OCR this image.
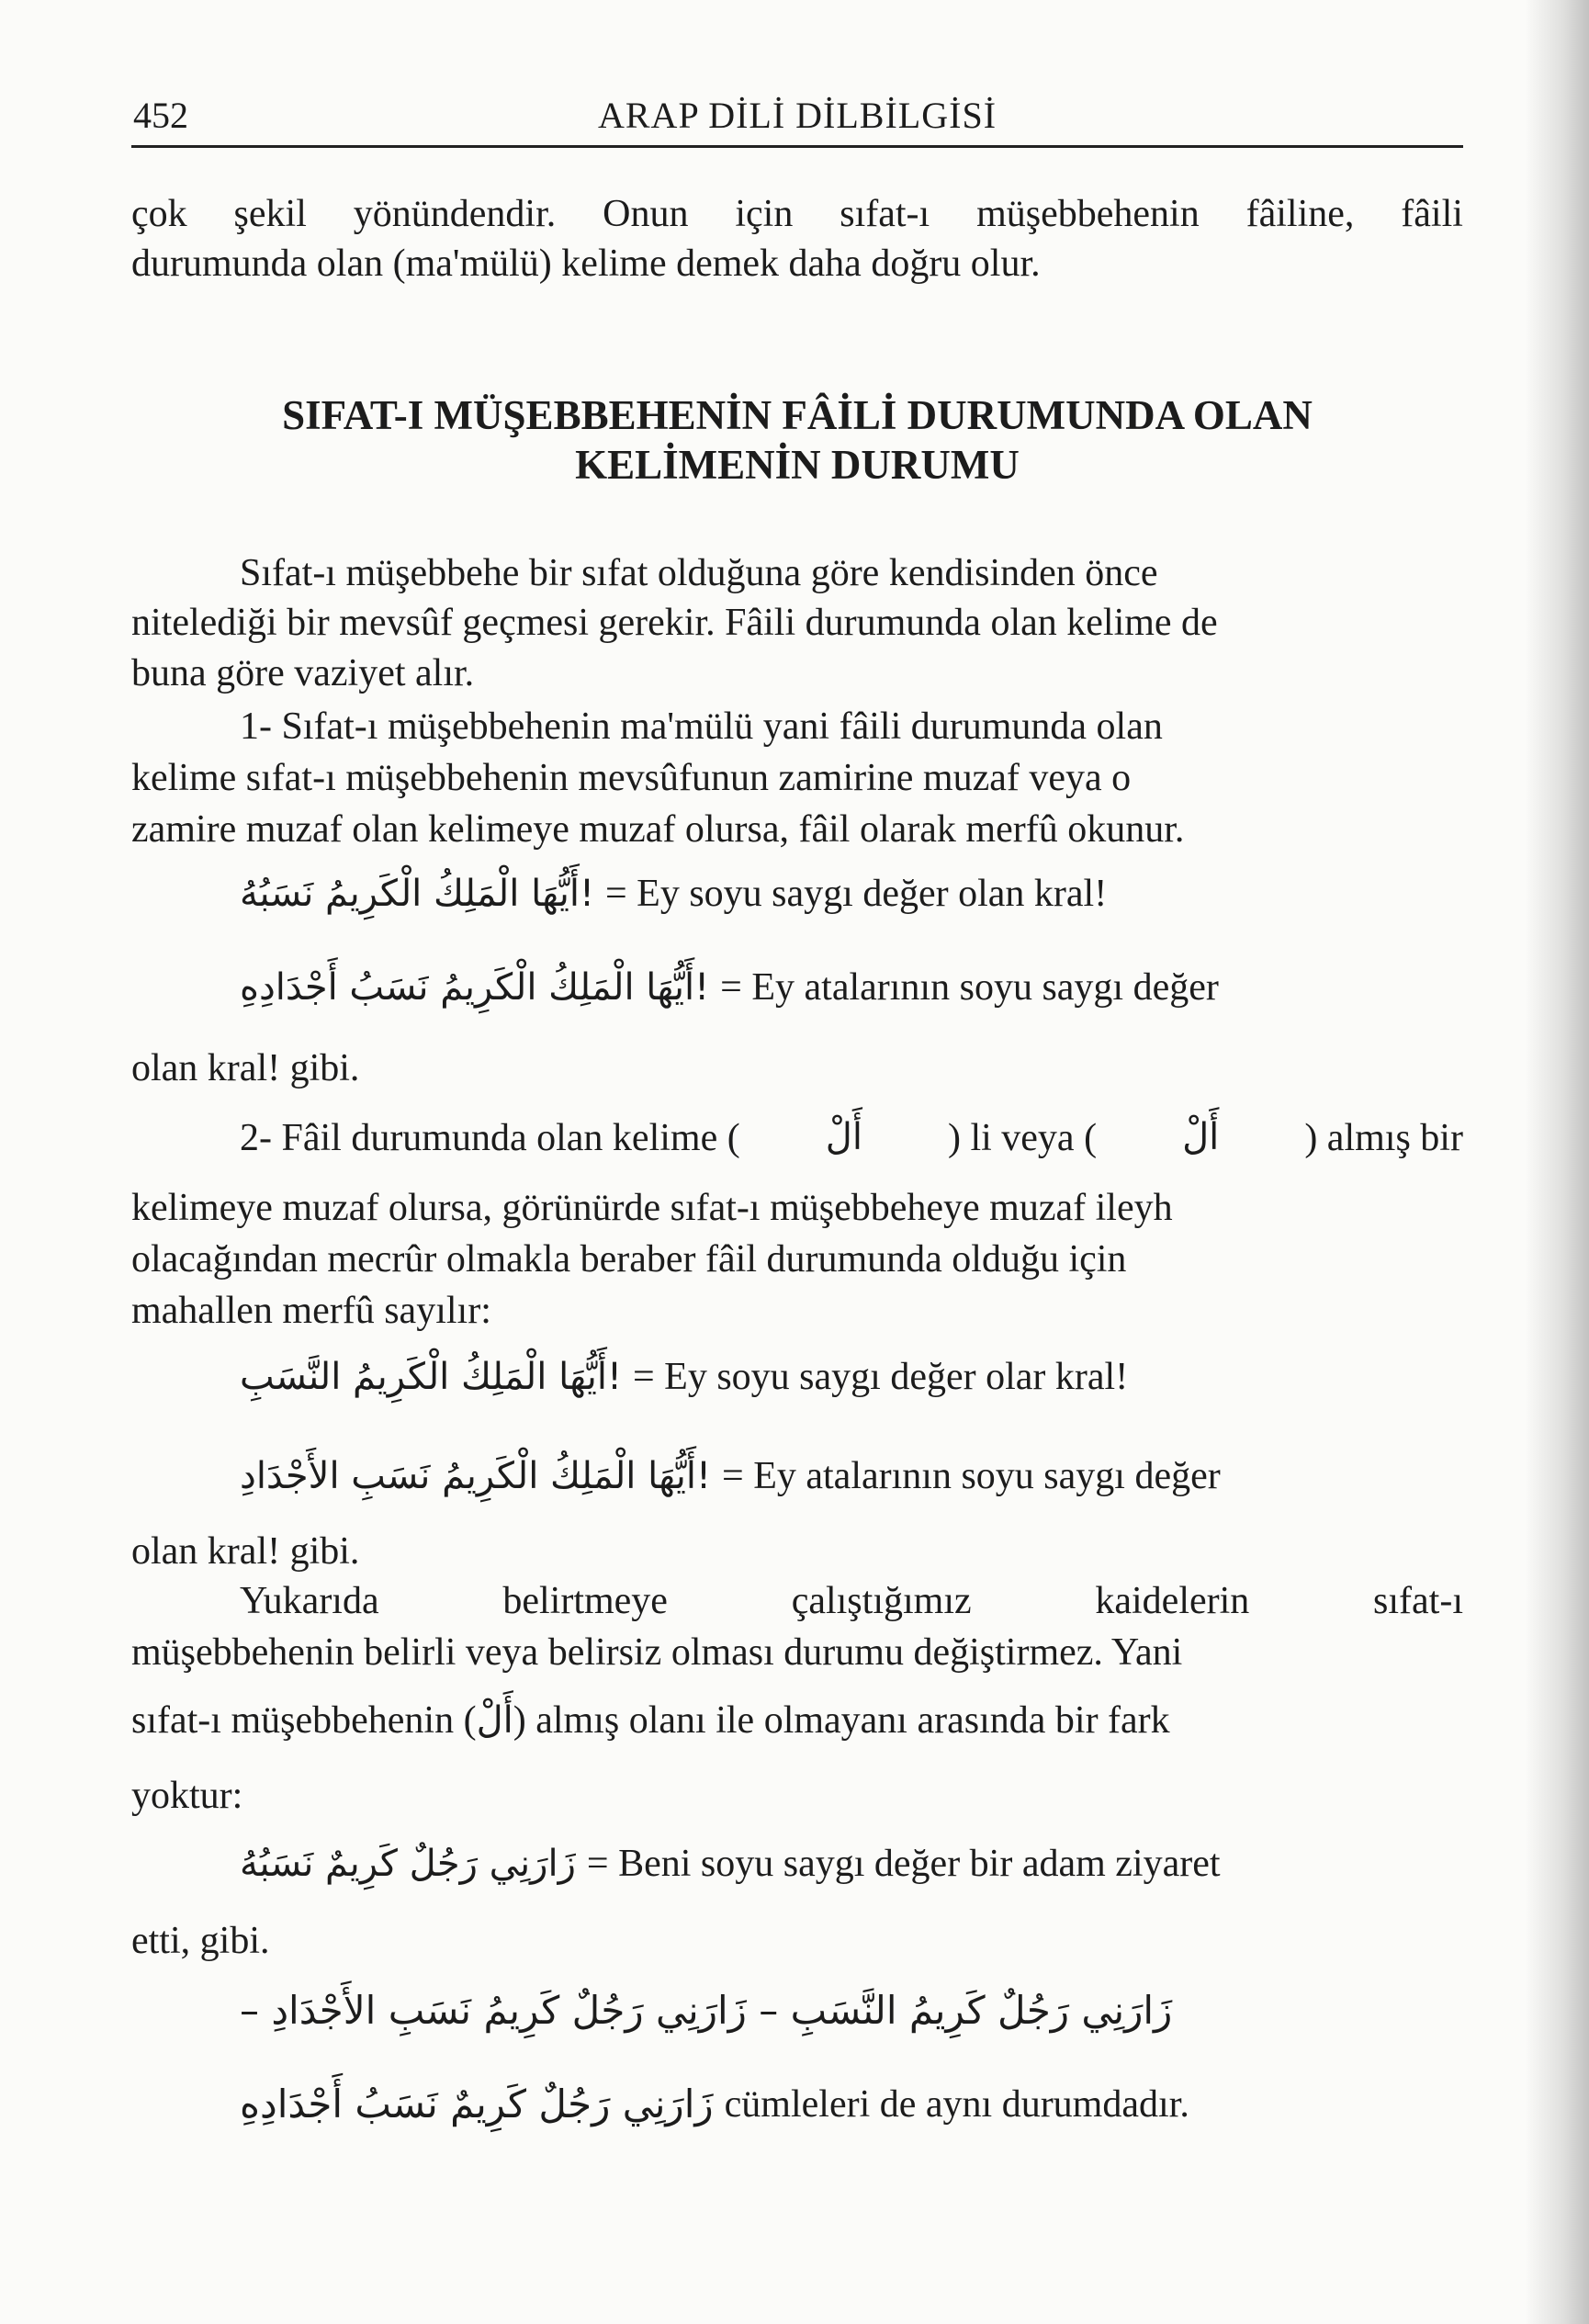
452	ARAP DİLİ DİLBİLGİSİ
çok şekil yönündendir. Onun için sıfat-ı müşebbehenin fâiline, fâili
durumunda olan (ma'mülü) kelime demek daha doğru olur.
SIFAT-I MÜŞEBBEHENİN FÂİLİ DURUMUNDA OLAN
KELİMENİN DURUMU
Sıfat-ı müşebbehe bir sıfat olduğuna göre kendisinden önce
nitelediği bir mevsûf geçmesi gerekir. Fâili durumunda olan kelime de
buna göre vaziyet alır.
1- Sıfat-ı müşebbehenin ma'mülü yani fâili durumunda olan
kelime sıfat-ı müşebbehenin mevsûfunun zamirine muzaf veya o
zamire muzaf olan kelimeye muzaf olursa, fâil olarak merfû okunur.
!أَيُّهَا الْمَلِكُ الْكَرِيمُ نَسَبُهُ = Ey soyu saygı değer olan kral!
!أَيُّهَا الْمَلِكُ الْكَرِيمُ نَسَبُ أَجْدَادِهِ = Ey atalarının soyu saygı değer
olan kral! gibi.
2- Fâil durumunda olan kelime ( أَلْ ) li veya ( أَلْ ) almış bir
kelimeye muzaf olursa, görünürde sıfat-ı müşebbeheye muzaf ileyh
olacağından mecrûr olmakla beraber fâil durumunda olduğu için
mahallen merfû sayılır:
!أَيُّهَا الْمَلِكُ الْكَرِيمُ النَّسَبِ = Ey soyu saygı değer olar kral!
!أَيُّهَا الْمَلِكُ الْكَرِيمُ نَسَبِ الأَجْدَادِ = Ey atalarının soyu saygı değer
olan kral! gibi.
Yukarıda	belirtmeye	çalıştığımız	kaidelerin	sıfat-ı
müşebbehenin belirli veya belirsiz olması durumu değiştirmez. Yani
sıfat-ı müşebbehenin ( أَلْ ) almış olanı ile olmayanı arasında bir fark
yoktur:
زَارَنِي رَجُلٌ كَرِيمٌ نَسَبُهُ = Beni soyu saygı değer bir adam ziyaret
etti, gibi.
زَارَنِي رَجُلٌ كَرِيمُ النَّسَبِ – زَارَنِي رَجُلٌ كَرِيمُ نَسَبِ الأَجْدَادِ –
زَارَنِي رَجُلٌ كَرِيمٌ نَسَبُ أَجْدَادِهِ cümleleri de aynı durumdadır.
